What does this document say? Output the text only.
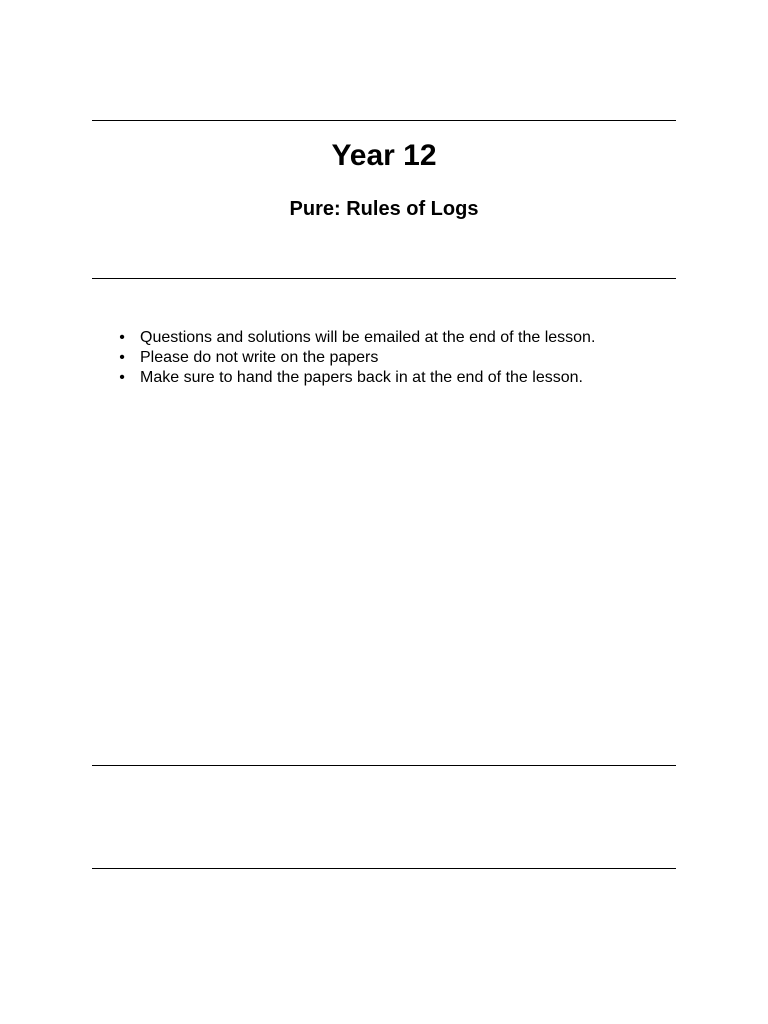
Year 12
Pure: Rules of Logs
• Questions and solutions will be emailed at the end of the lesson.
• Please do not write on the papers
• Make sure to hand the papers back in at the end of the lesson.
